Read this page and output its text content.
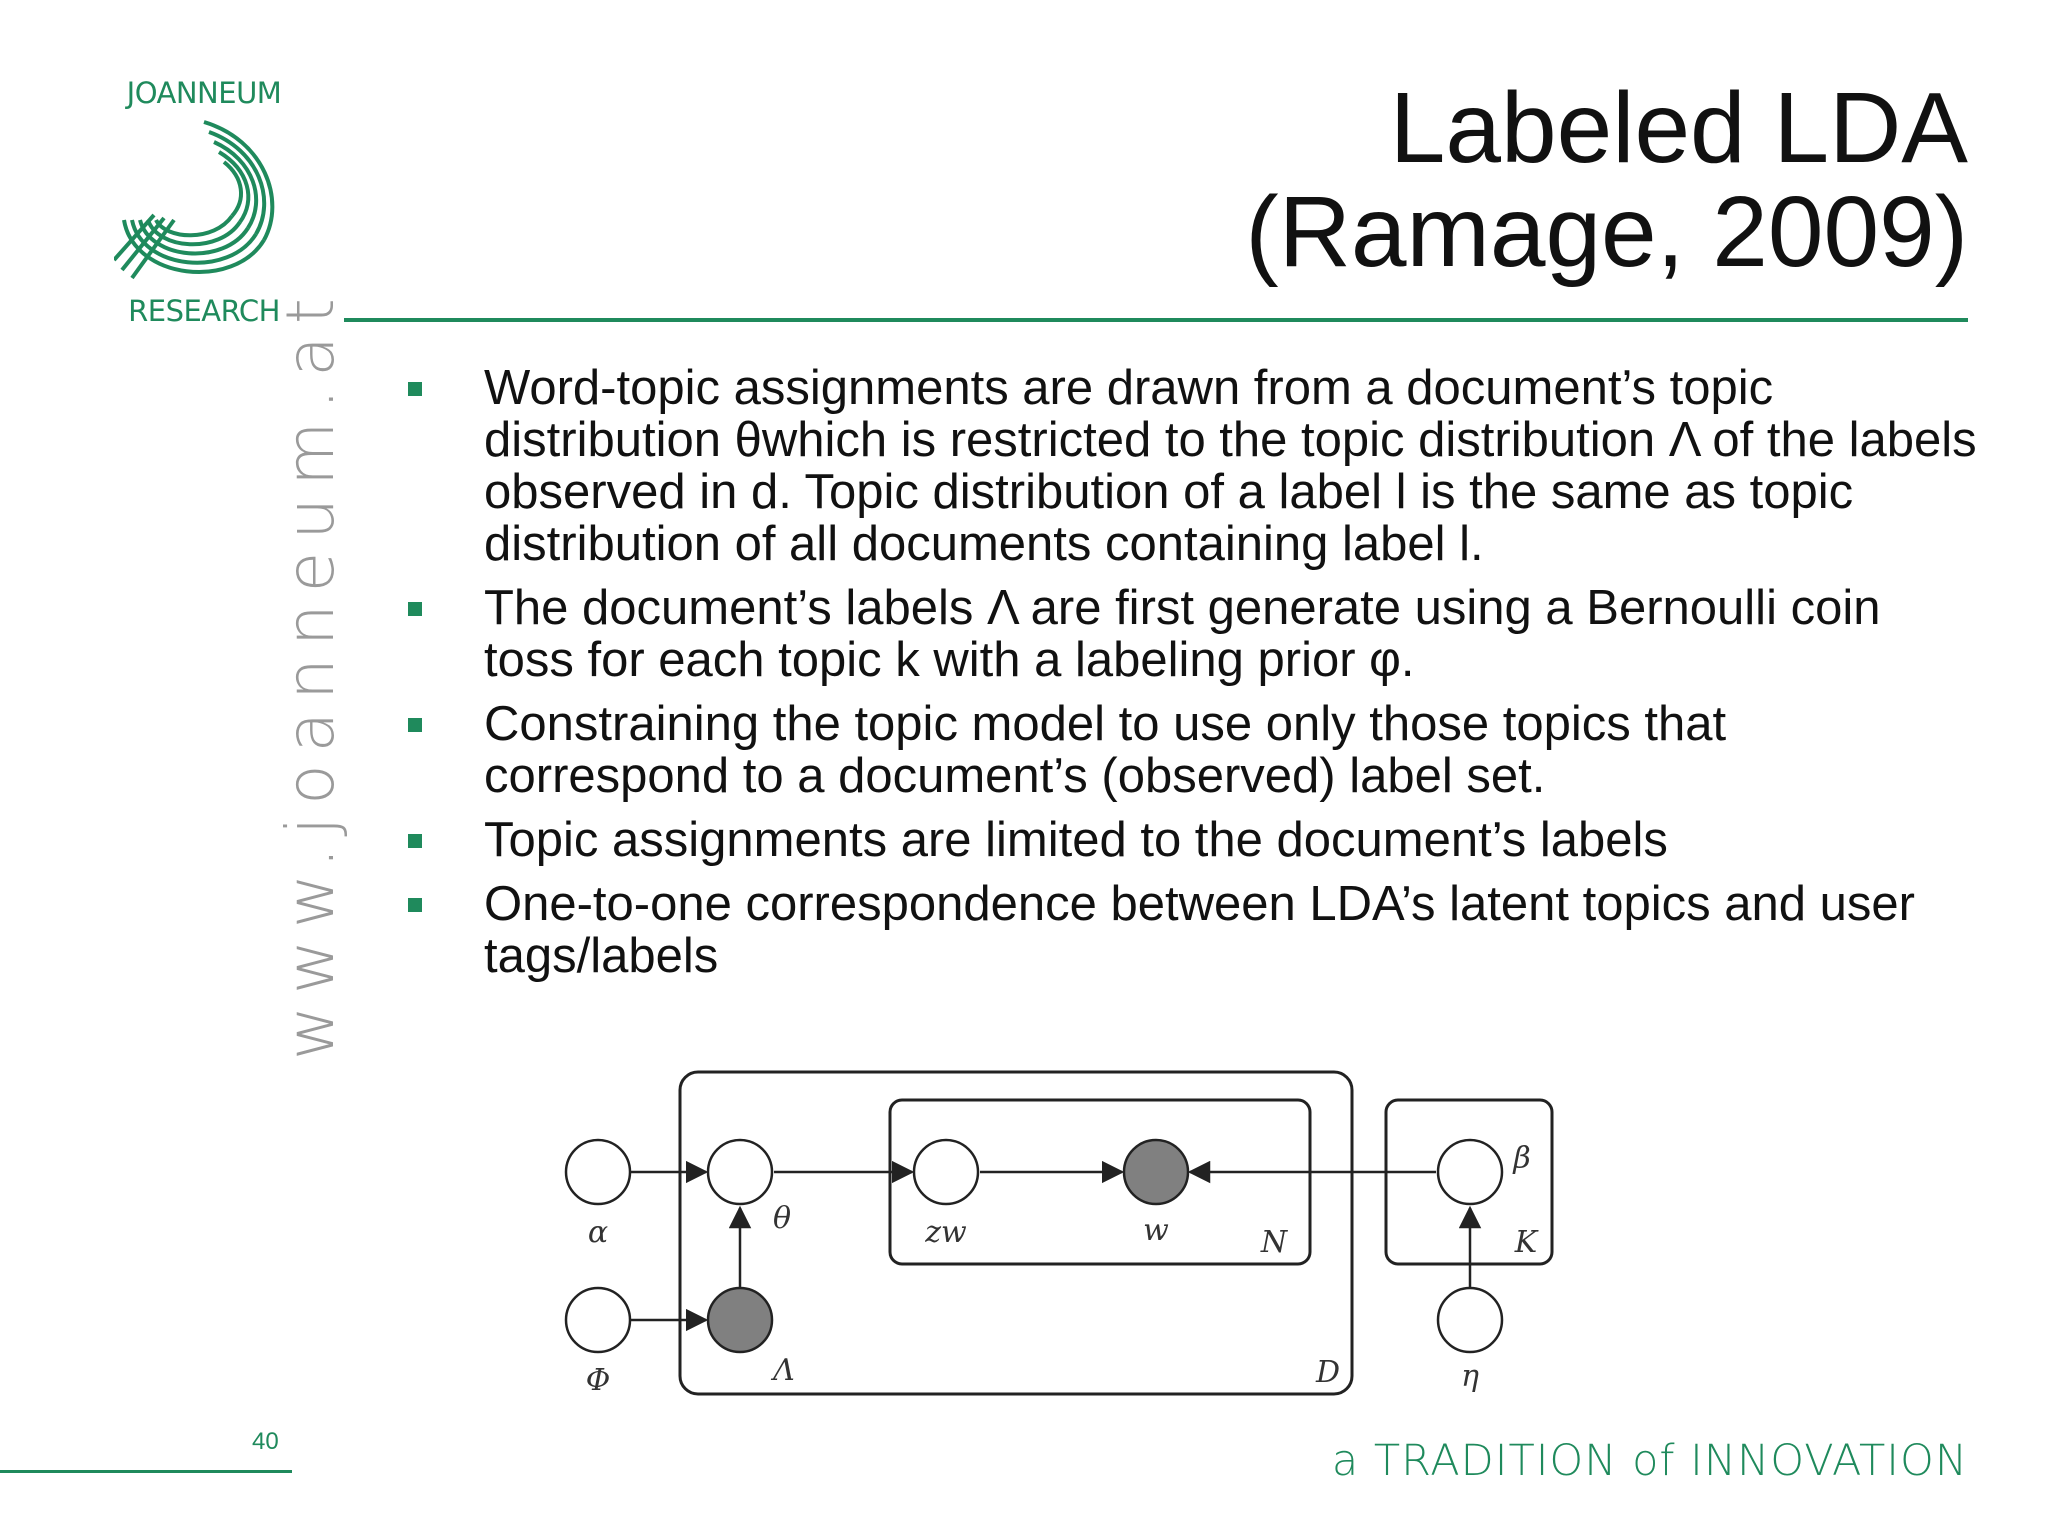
JOANNEUM
RESEARCH
Labeled LDA
(Ramage, 2009)
Word-topic assignments are drawn from a document’s topic distribution θwhich is restricted to the topic distribution Λ of the labels observed in d. Topic distribution of a label l is the same as topic distribution of all documents containing label l.
The document’s labels Λ are first generate using a Bernoulli coin toss for each topic k with a labeling prior φ.
Constraining the topic model to use only those topics that correspond to a document’s (observed) label set.
Topic assignments are limited to the document’s labels
One-to-one correspondence between LDA’s latent topics and user tags/labels
α	θ	zw	w	N
β
K
Φ	Λ	D	η
www.joanneum.at
40	a TRADITION of INNOVATION
